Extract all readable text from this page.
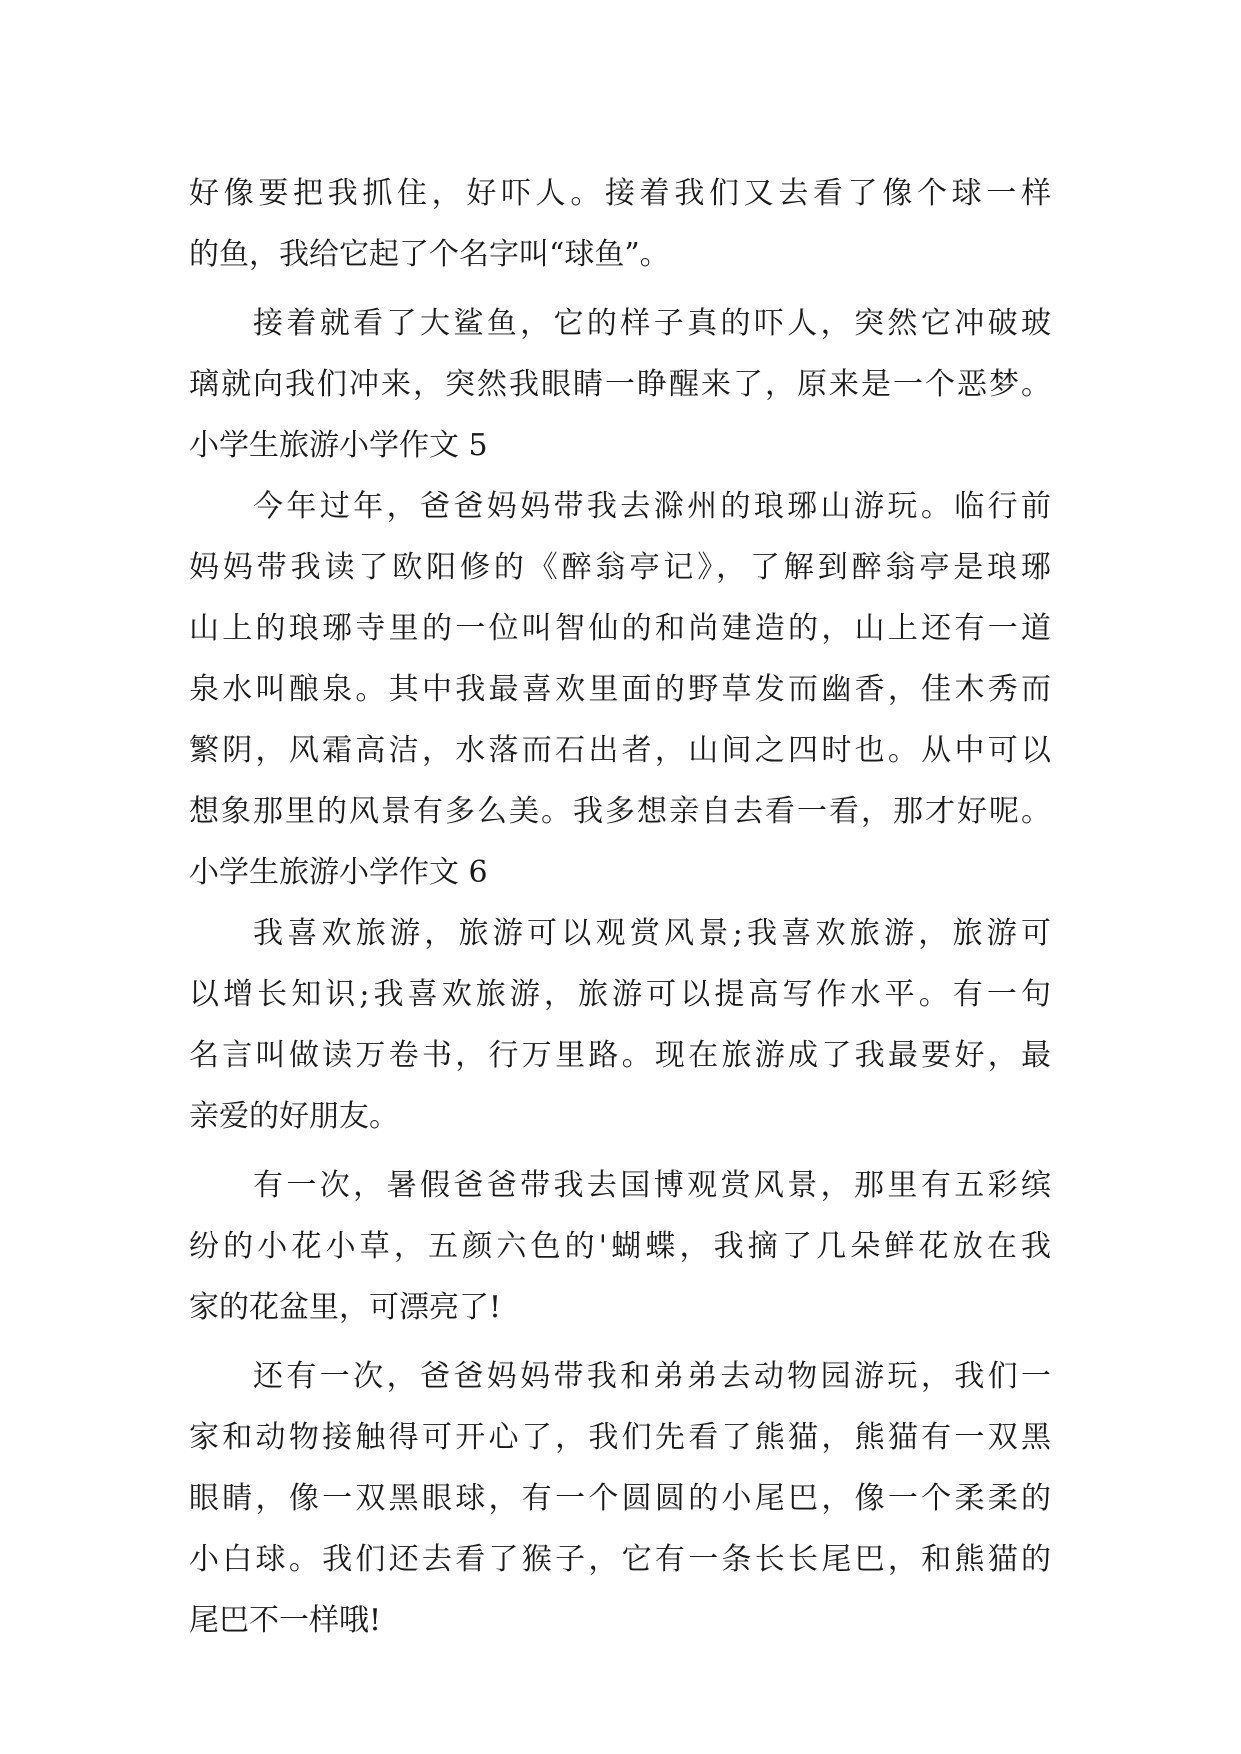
好像要把我抓住，好吓人。接着我们又去看了像个球一样
的鱼，我给它起了个名字叫“球鱼”。
接着就看了大鲨鱼，它的样子真的吓人，突然它冲破玻
璃就向我们冲来，突然我眼睛一睁醒来了，原来是一个恶梦。
小学生旅游小学作文 5
今年过年，爸爸妈妈带我去滁州的琅琊山游玩。临行前
妈妈带我读了欧阳修的《醉翁亭记》，了解到醉翁亭是琅琊
山上的琅琊寺里的一位叫智仙的和尚建造的，山上还有一道
泉水叫酿泉。其中我最喜欢里面的野草发而幽香，佳木秀而
繁阴，风霜高洁，水落而石出者，山间之四时也。从中可以
想象那里的风景有多么美。我多想亲自去看一看，那才好呢。
小学生旅游小学作文 6
我喜欢旅游，旅游可以观赏风景;我喜欢旅游，旅游可
以增长知识;我喜欢旅游，旅游可以提高写作水平。有一句
名言叫做读万卷书，行万里路。现在旅游成了我最要好，最
亲爱的好朋友。
有一次，暑假爸爸带我去国博观赏风景，那里有五彩缤
纷的小花小草，五颜六色的'蝴蝶，我摘了几朵鲜花放在我
家的花盆里，可漂亮了!
还有一次，爸爸妈妈带我和弟弟去动物园游玩，我们一
家和动物接触得可开心了，我们先看了熊猫，熊猫有一双黑
眼睛，像一双黑眼球，有一个圆圆的小尾巴，像一个柔柔的
小白球。我们还去看了猴子，它有一条长长尾巴，和熊猫的
尾巴不一样哦!
